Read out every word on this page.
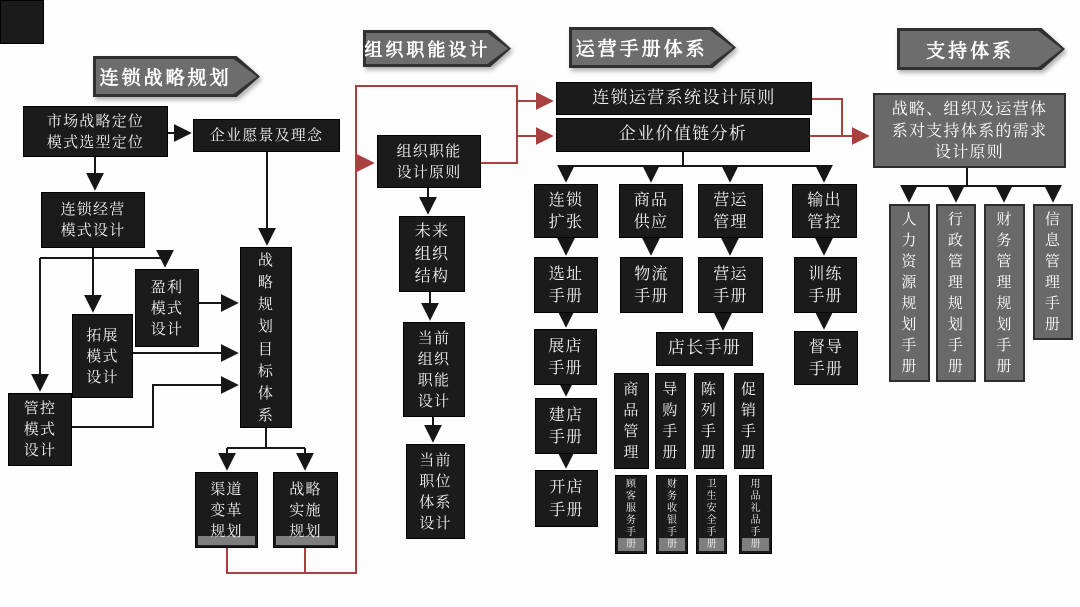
连锁战略规划
组织职能设计	运营手册体系	支持体系
市场战略定位模式选型定位	企业愿景及理念
连锁经营模式设计
盈利模式设计
拓展模式设计
管控模式设计
战略规划目标体系
渠道变革规划
战略实施规划
组织职能设计原则
未来组织结构
当前组织职能设计
当前职位体系设计
连锁运营系统设计原则
企业价值链分析
连锁扩张
商品供应
营运管理
输出管控
选址手册
物流手册
营运手册
训练手册
展店手册
店长手册	督导手册
商品管理
导购手册
陈列手册
促销手册
建店手册
开店手册
顾客服务手册
财务收银手册
卫生安全手册
用品礼品手册
战略、组织及运营体系对支持体系的需求设计原则
人力资源规划手册
行政管理规划手册
财务管理规划手册
信息管理手册
